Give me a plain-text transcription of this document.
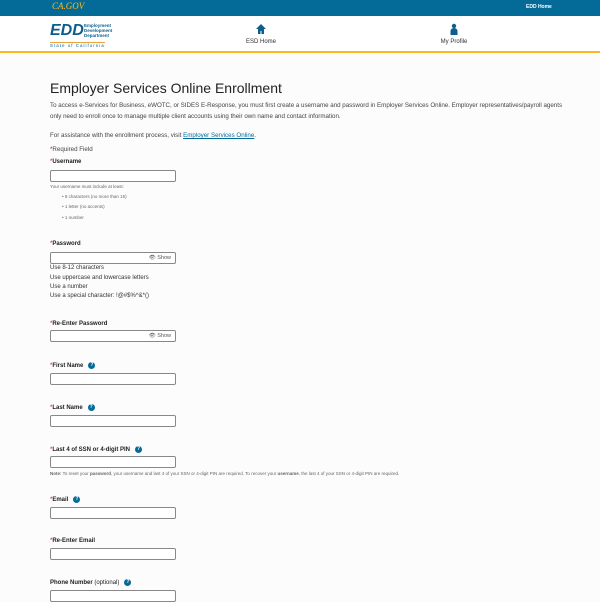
CA.GOV	EDD Home
EDD Employment
Development
Department
State of California
ESD Home	My Profile
Employer Services Online Enrollment
To access e-Services for Business, eWOTC, or SIDES E-Response, you must first create a username and password in Employer Services Online. Employer representatives/payroll agents only need to enroll once to manage multiple client accounts using their own name and contact information.
For assistance with the enrollment process, visit Employer Services Online.
*Required Field
*Username
Your username must include at least:
• 8 characters (no more than 15)
• 1 letter (no accents)
• 1 number
*Password
👁 Show
Use 8-12 characters
Use uppercase and lowercase letters
Use a number
Use a special character: !@#$%^&*()
*Re-Enter Password
👁 Show
*First Name ?
*Last Name ?
*Last 4 of SSN or 4-digit PIN ?
Note: To reset your password, your username and last 4 of your SSN or 4-digit PIN are required. To recover your username, the last 4 of your SSN or 4-digit PIN are required.
*Email ?
*Re-Enter Email
Phone Number (optional) ?
